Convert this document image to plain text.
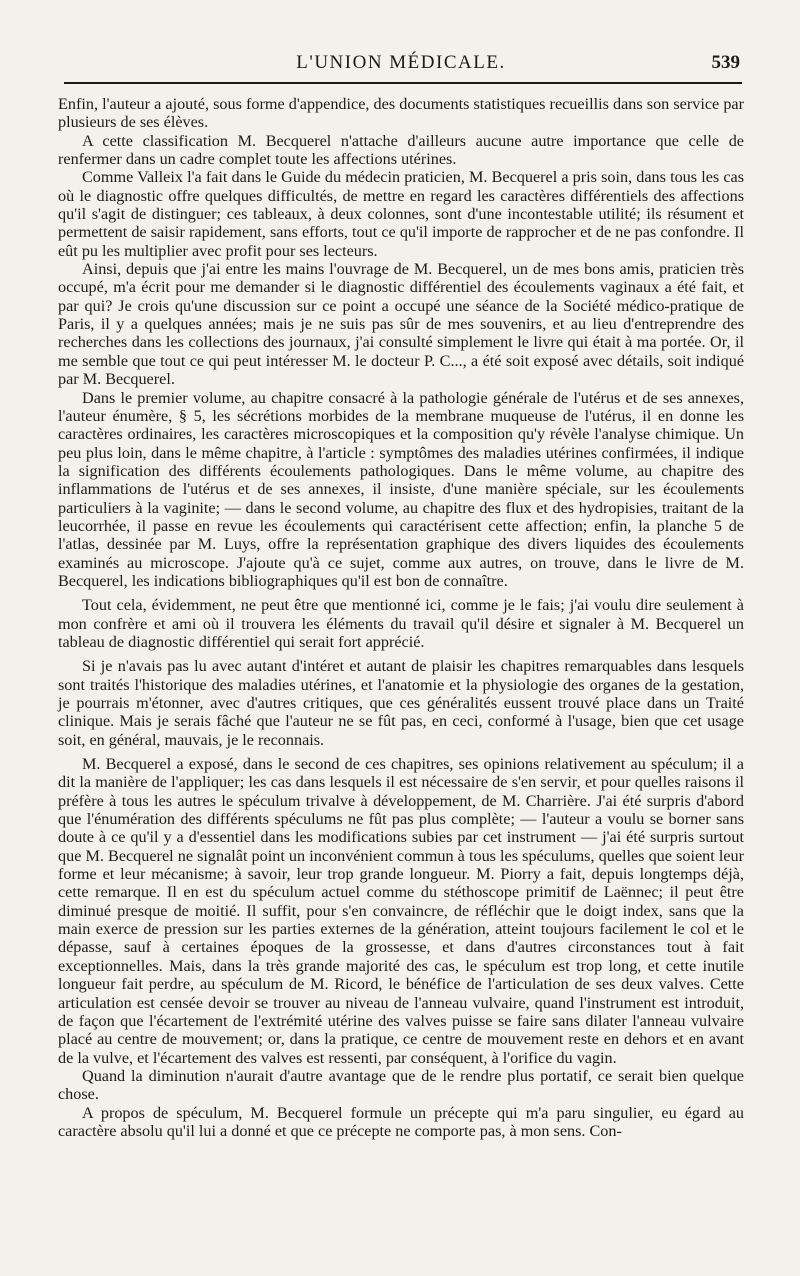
L'UNION MÉDICALE.	539

Enfin, l'auteur a ajouté, sous forme d'appendice, des documents statistiques recueillis dans son service par plusieurs de ses élèves.

A cette classification M. Becquerel n'attache d'ailleurs aucune autre importance que celle de renfermer dans un cadre complet toute les affections utérines.

Comme Valleix l'a fait dans le Guide du médecin praticien, M. Becquerel a pris soin, dans tous les cas où le diagnostic offre quelques difficultés, de mettre en regard les caractères différentiels des affections qu'il s'agit de distinguer; ces tableaux, à deux colonnes, sont d'une incontestable utilité; ils résument et permettent de saisir rapidement, sans efforts, tout ce qu'il importe de rapprocher et de ne pas confondre. Il eût pu les multiplier avec profit pour ses lecteurs.

Ainsi, depuis que j'ai entre les mains l'ouvrage de M. Becquerel, un de mes bons amis, praticien très occupé, m'a écrit pour me demander si le diagnostic différentiel des écoulements vaginaux a été fait, et par qui? Je crois qu'une discussion sur ce point a occupé une séance de la Société médico-pratique de Paris, il y a quelques années; mais je ne suis pas sûr de mes souvenirs, et au lieu d'entreprendre des recherches dans les collections des journaux, j'ai consulté simplement le livre qui était à ma portée. Or, il me semble que tout ce qui peut intéresser M. le docteur P. C..., a été soit exposé avec détails, soit indiqué par M. Becquerel.

Dans le premier volume, au chapitre consacré à la pathologie générale de l'utérus et de ses annexes, l'auteur énumère, § 5, les sécrétions morbides de la membrane muqueuse de l'utérus, il en donne les caractères ordinaires, les caractères microscopiques et la composition qu'y révèle l'analyse chimique. Un peu plus loin, dans le même chapitre, à l'article : symptômes des maladies utérines confirmées, il indique la signification des différents écoulements pathologiques. Dans le même volume, au chapitre des inflammations de l'utérus et de ses annexes, il insiste, d'une manière spéciale, sur les écoulements particuliers à la vaginite; — dans le second volume, au chapitre des flux et des hydropisies, traitant de la leucorrhée, il passe en revue les écoulements qui caractérisent cette affection; enfin, la planche 5 de l'atlas, dessinée par M. Luys, offre la représentation graphique des divers liquides des écoulements examinés au microscope. J'ajoute qu'à ce sujet, comme aux autres, on trouve, dans le livre de M. Becquerel, les indications bibliographiques qu'il est bon de connaître.

Tout cela, évidemment, ne peut être que mentionné ici, comme je le fais; j'ai voulu dire seulement à mon confrère et ami où il trouvera les éléments du travail qu'il désire et signaler à M. Becquerel un tableau de diagnostic différentiel qui serait fort apprécié.

Si je n'avais pas lu avec autant d'intéret et autant de plaisir les chapitres remarquables dans lesquels sont traités l'historique des maladies utérines, et l'anatomie et la physiologie des organes de la gestation, je pourrais m'étonner, avec d'autres critiques, que ces généralités eussent trouvé place dans un Traité clinique. Mais je serais fâché que l'auteur ne se fût pas, en ceci, conformé à l'usage, bien que cet usage soit, en général, mauvais, je le reconnais.

M. Becquerel a exposé, dans le second de ces chapitres, ses opinions relativement au spéculum; il a dit la manière de l'appliquer; les cas dans lesquels il est nécessaire de s'en servir, et pour quelles raisons il préfère à tous les autres le spéculum trivalve à développement, de M. Charrière. J'ai été surpris d'abord que l'énumération des différents spéculums ne fût pas plus complète; — l'auteur a voulu se borner sans doute à ce qu'il y a d'essentiel dans les modifications subies par cet instrument — j'ai été surpris surtout que M. Becquerel ne signalât point un inconvénient commun à tous les spéculums, quelles que soient leur forme et leur mécanisme; à savoir, leur trop grande longueur. M. Piorry a fait, depuis longtemps déjà, cette remarque. Il en est du spéculum actuel comme du stéthoscope primitif de Laënnec; il peut être diminué presque de moitié. Il suffit, pour s'en convaincre, de réfléchir que le doigt index, sans que la main exerce de pression sur les parties externes de la génération, atteint toujours facilement le col et le dépasse, sauf à certaines époques de la grossesse, et dans d'autres circonstances tout à fait exceptionnelles. Mais, dans la très grande majorité des cas, le spéculum est trop long, et cette inutile longueur fait perdre, au spéculum de M. Ricord, le bénéfice de l'articulation de ses deux valves. Cette articulation est censée devoir se trouver au niveau de l'anneau vulvaire, quand l'instrument est introduit, de façon que l'écartement de l'extrémité utérine des valves puisse se faire sans dilater l'anneau vulvaire placé au centre de mouvement; or, dans la pratique, ce centre de mouvement reste en dehors et en avant de la vulve, et l'écartement des valves est ressenti, par conséquent, à l'orifice du vagin.

Quand la diminution n'aurait d'autre avantage que de le rendre plus portatif, ce serait bien quelque chose.

A propos de spéculum, M. Becquerel formule un précepte qui m'a paru singulier, eu égard au caractère absolu qu'il lui a donné et que ce précepte ne comporte pas, à mon sens. Con-
